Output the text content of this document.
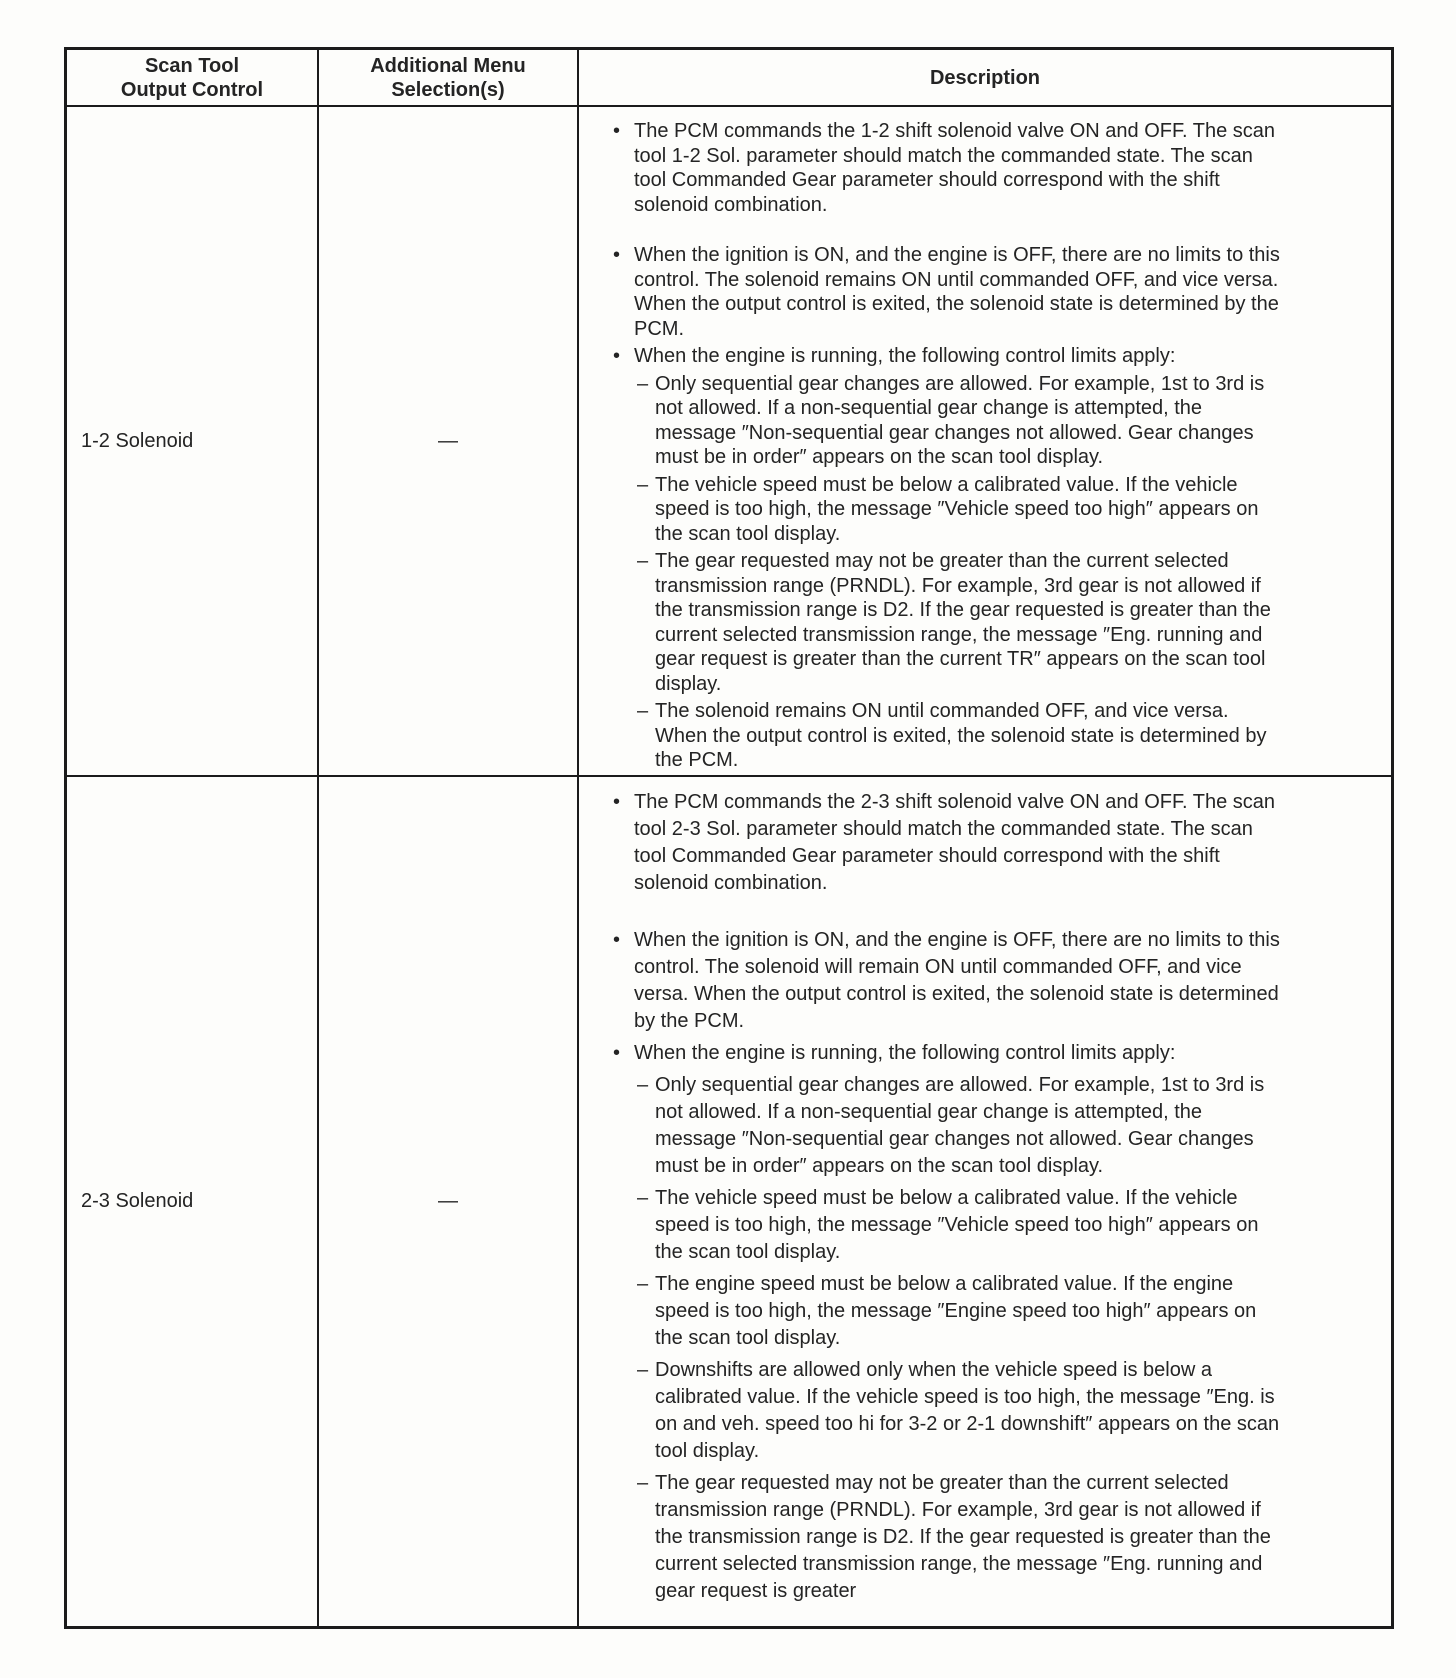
Scan Tool
Output Control
Additional Menu
Selection(s)
Description
1-2 Solenoid	—
• The PCM commands the 1-2 shift solenoid valve ON and OFF. The scan tool 1-2 Sol. parameter should match the commanded state. The scan tool Commanded Gear parameter should correspond with the shift solenoid combination.
• When the ignition is ON, and the engine is OFF, there are no limits to this control. The solenoid remains ON until commanded OFF, and vice versa. When the output control is exited, the solenoid state is determined by the PCM.
• When the engine is running, the following control limits apply:
– Only sequential gear changes are allowed. For example, 1st to 3rd is not allowed. If a non-sequential gear change is attempted, the message ″Non-sequential gear changes not allowed. Gear changes must be in order″ appears on the scan tool display.
– The vehicle speed must be below a calibrated value. If the vehicle speed is too high, the message ″Vehicle speed too high″ appears on the scan tool display.
– The gear requested may not be greater than the current selected transmission range (PRNDL). For example, 3rd gear is not allowed if the transmission range is D2. If the gear requested is greater than the current selected transmission range, the message ″Eng. running and gear request is greater than the current TR″ appears on the scan tool display.
– The solenoid remains ON until commanded OFF, and vice versa. When the output control is exited, the solenoid state is determined by the PCM.
2-3 Solenoid	—
• The PCM commands the 2-3 shift solenoid valve ON and OFF. The scan tool 2-3 Sol. parameter should match the commanded state. The scan tool Commanded Gear parameter should correspond with the shift solenoid combination.
• When the ignition is ON, and the engine is OFF, there are no limits to this control. The solenoid will remain ON until commanded OFF, and vice versa. When the output control is exited, the solenoid state is determined by the PCM.
• When the engine is running, the following control limits apply:
– Only sequential gear changes are allowed. For example, 1st to 3rd is not allowed. If a non-sequential gear change is attempted, the message ″Non-sequential gear changes not allowed. Gear changes must be in order″ appears on the scan tool display.
– The vehicle speed must be below a calibrated value. If the vehicle speed is too high, the message ″Vehicle speed too high″ appears on the scan tool display.
– The engine speed must be below a calibrated value. If the engine speed is too high, the message ″Engine speed too high″ appears on the scan tool display.
– Downshifts are allowed only when the vehicle speed is below a calibrated value. If the vehicle speed is too high, the message ″Eng. is on and veh. speed too hi for 3-2 or 2-1 downshift″ appears on the scan tool display.
– The gear requested may not be greater than the current selected transmission range (PRNDL). For example, 3rd gear is not allowed if the transmission range is D2. If the gear requested is greater than the current selected transmission range, the message ″Eng. running and gear request is greater
